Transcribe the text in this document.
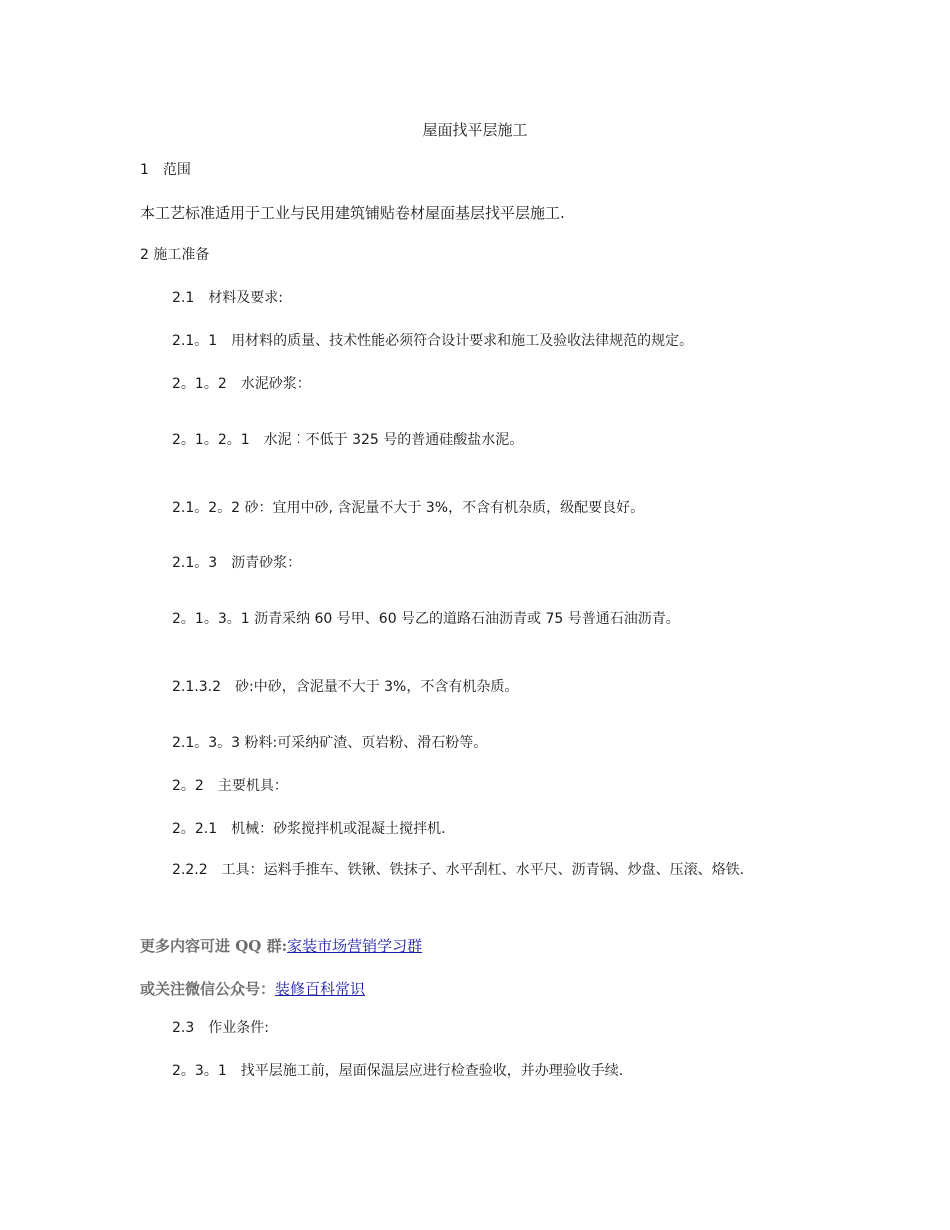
屋面找平层施工
1　范围
本工艺标准适用于工业与民用建筑铺贴卷材屋面基层找平层施工.
2 施工准备
2.1　材料及要求:
2.1。1　用材料的质量、技术性能必须符合设计要求和施工及验收法律规范的规定。
2。1。2　水泥砂浆：
2。1。2。1　水泥︰不低于 325 号的普通硅酸盐水泥。
2.1。2。2 砂：宜用中砂, 含泥量不大于 3%，不含有机杂质，级配要良好。
2.1。3　沥青砂浆：
2。1。3。1 沥青采纳 60 号甲、60 号乙的道路石油沥青或 75 号普通石油沥青。
2.1.3.2　砂:中砂，含泥量不大于 3%，不含有机杂质。
2.1。3。3 粉料:可采纳矿渣、页岩粉、滑石粉等。
2。2　主要机具：
2。2.1　机械：砂浆搅拌机或混凝土搅拌机.
2.2.2　工具：运料手推车、铁锹、铁抹子、水平刮杠、水平尺、沥青锅、炒盘、压滚、烙铁.
更多内容可进 QQ 群:家装市场营销学习群
或关注微信公众号：装修百科常识
2.3　作业条件:
2。3。1　找平层施工前，屋面保温层应进行检查验收，并办理验收手续.
